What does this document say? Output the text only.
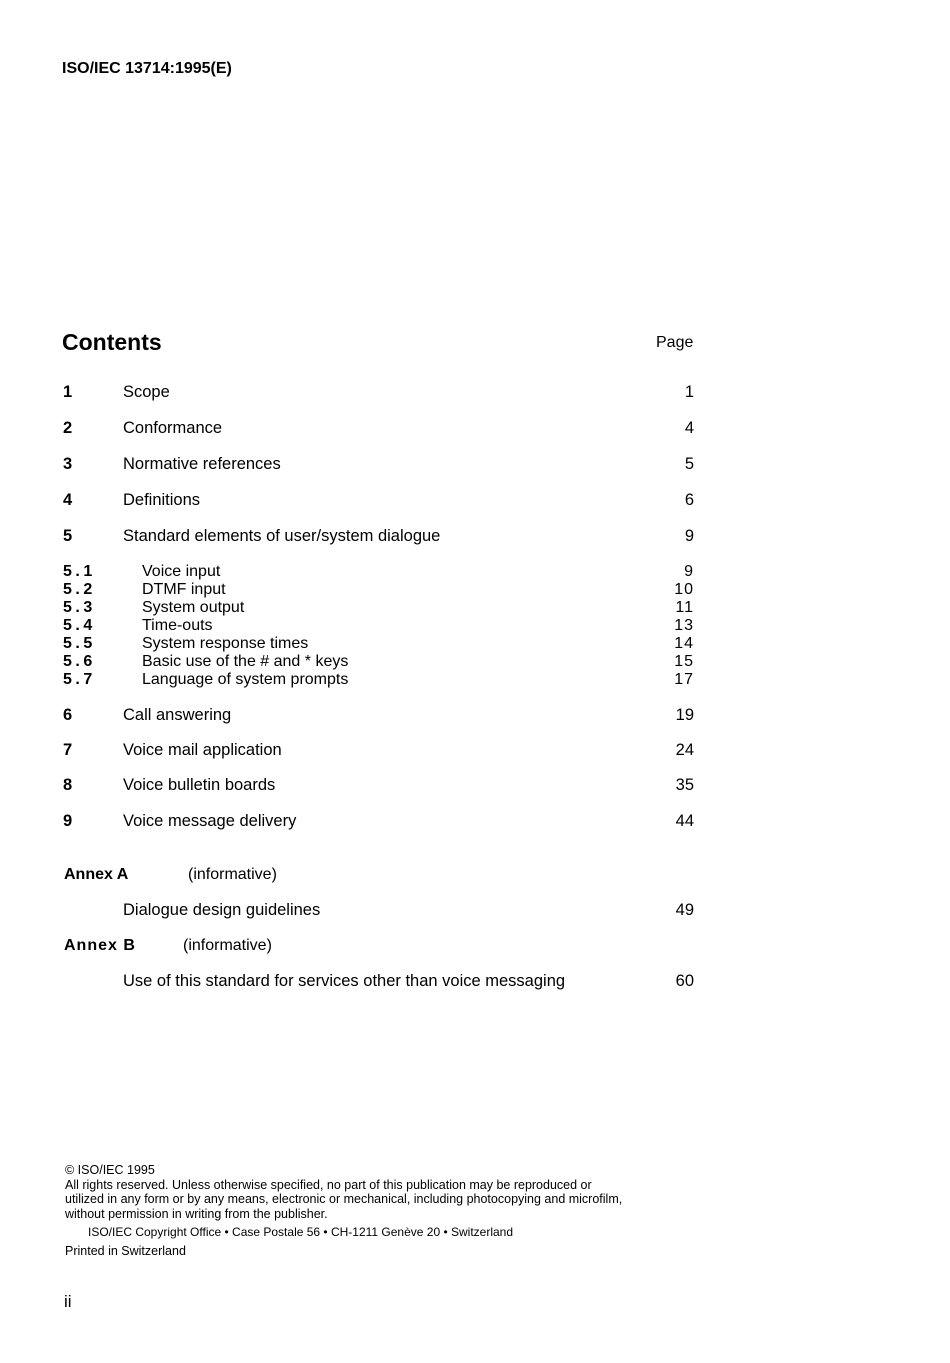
ISO/IEC 13714:1995(E)
Contents	Page
1	Scope	1
2	Conformance	4
3	Normative references	5
4	Definitions	6
5	Standard elements of user/system dialogue	9
5.1	Voice input	9
5.2	DTMF input	10
5.3	System output	11
5.4	Time-outs	13
5.5	System response times	14
5.6	Basic use of the # and * keys	15
5.7	Language of system prompts	17
6	Call answering	19
7	Voice mail application	24
8	Voice bulletin boards	35
9	Voice message delivery	44
Annex A	(informative)
Dialogue design guidelines	49
Annex B	(informative)
Use of this standard for services other than voice messaging	60
© ISO/IEC 1995
All rights reserved. Unless otherwise specified, no part of this publication may be reproduced or utilized in any form or by any means, electronic or mechanical, including photocopying and microfilm, without permission in writing from the publisher.
ISO/IEC Copyright Office • Case Postale 56 • CH-1211 Genève 20 • Switzerland
Printed in Switzerland
ii
